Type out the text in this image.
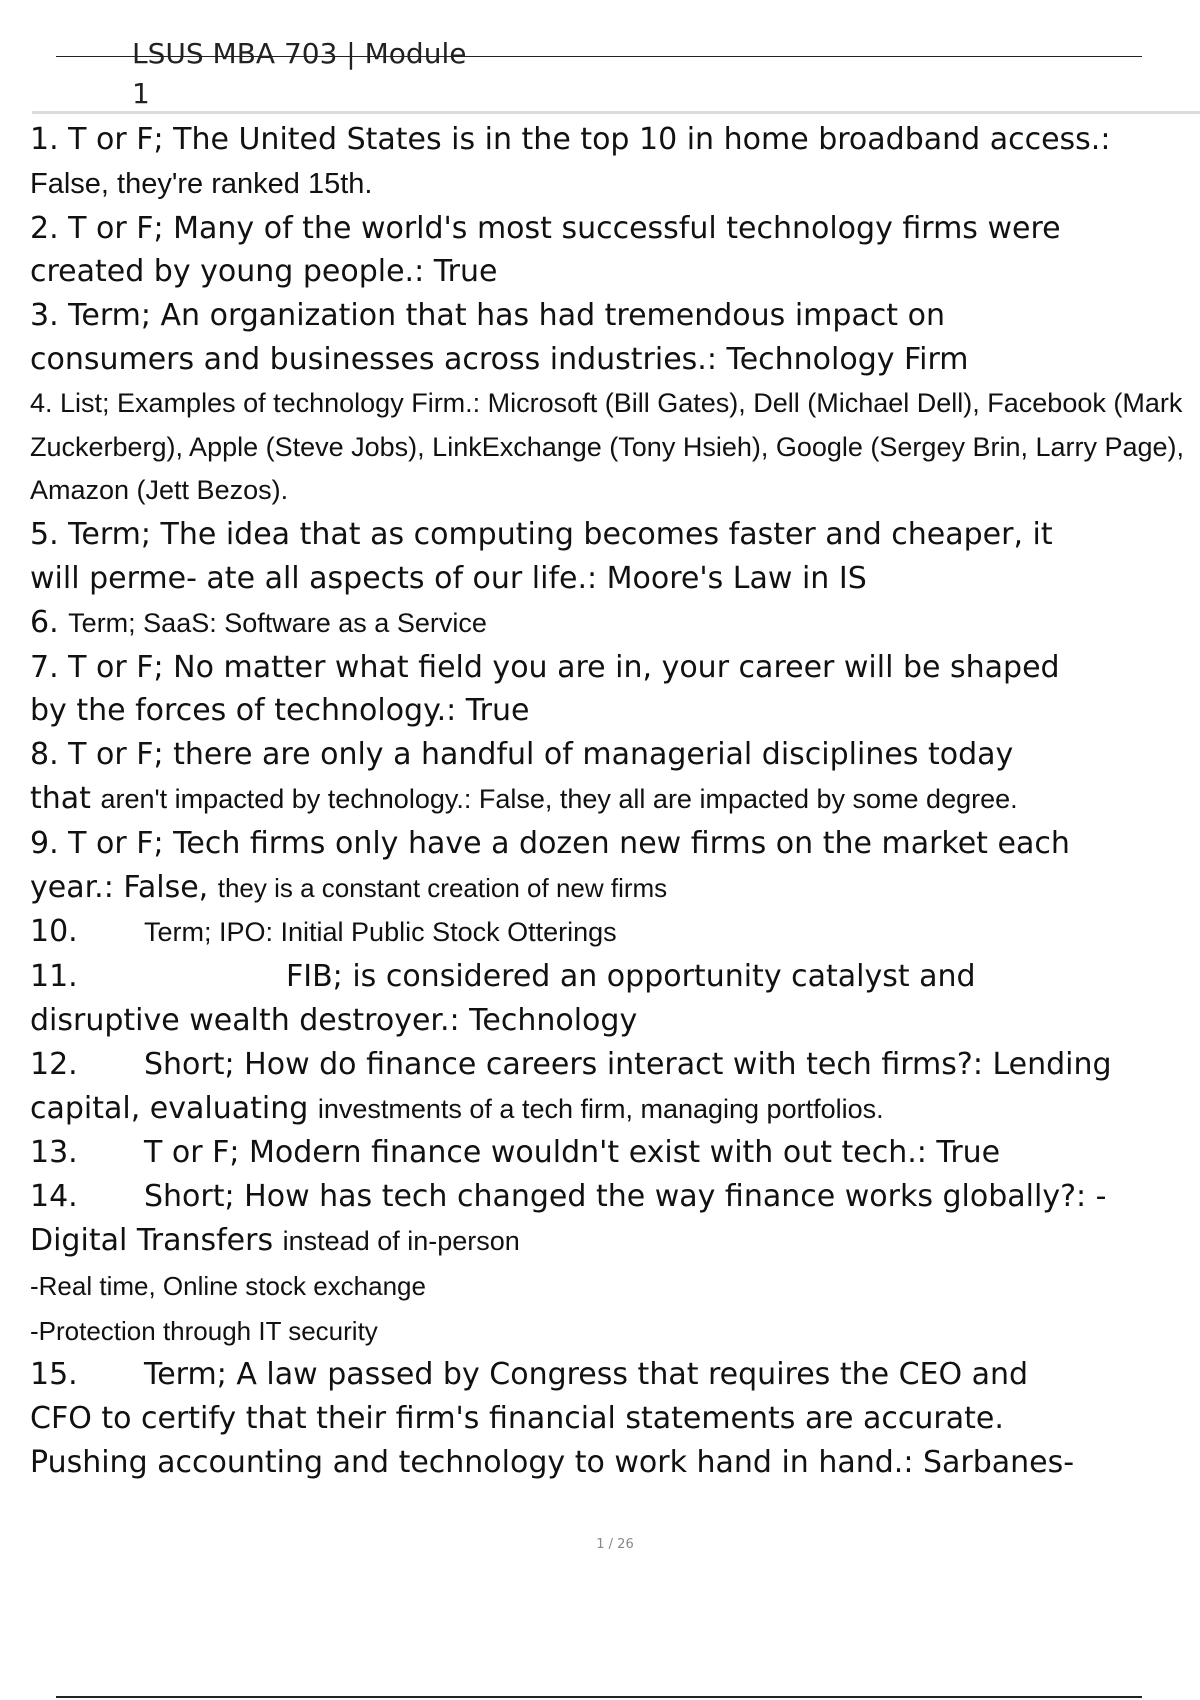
LSUS MBA 703 | Module
1
1. T or F; The United States is in the top 10 in home broadband access.:
False, they're ranked 15th.
2. T or F; Many of the world's most successful technology firms were
created by young people.: True
3. Term; An organization that has had tremendous impact on
consumers and businesses across industries.: Technology Firm
4. List; Examples of technology Firm.: Microsoft (Bill Gates), Dell (Michael Dell), Facebook (Mark Zuckerberg), Apple (Steve Jobs), LinkExchange (Tony Hsieh), Google (Sergey Brin, Larry Page), Amazon (Jett Bezos).
5. Term; The idea that as computing becomes faster and cheaper, it
will perme- ate all aspects of our life.: Moore's Law in IS
6. Term; SaaS: Software as a Service
7. T or F; No matter what field you are in, your career will be shaped
by the forces of technology.: True
8. T or F; there are only a handful of managerial disciplines today
that aren't impacted by technology.: False, they all are impacted by some degree.
9. T or F; Tech firms only have a dozen new firms on the market each
year.: False, they is a constant creation of new firms
10. Term; IPO: Initial Public Stock Otterings
11.	FIB; is considered an opportunity catalyst and
disruptive wealth destroyer.: Technology
12. Short; How do finance careers interact with tech firms?: Lending
capital, evaluating investments of a tech firm, managing portfolios.
13. T or F; Modern finance wouldn't exist with out tech.: True
14. Short; How has tech changed the way finance works globally?: -
Digital Transfers instead of in-person
-Real time, Online stock exchange
-Protection through IT security
15. Term; A law passed by Congress that requires the CEO and
CFO to certify that their firm's financial statements are accurate.
Pushing accounting and technology to work hand in hand.: Sarbanes-
1 / 26
